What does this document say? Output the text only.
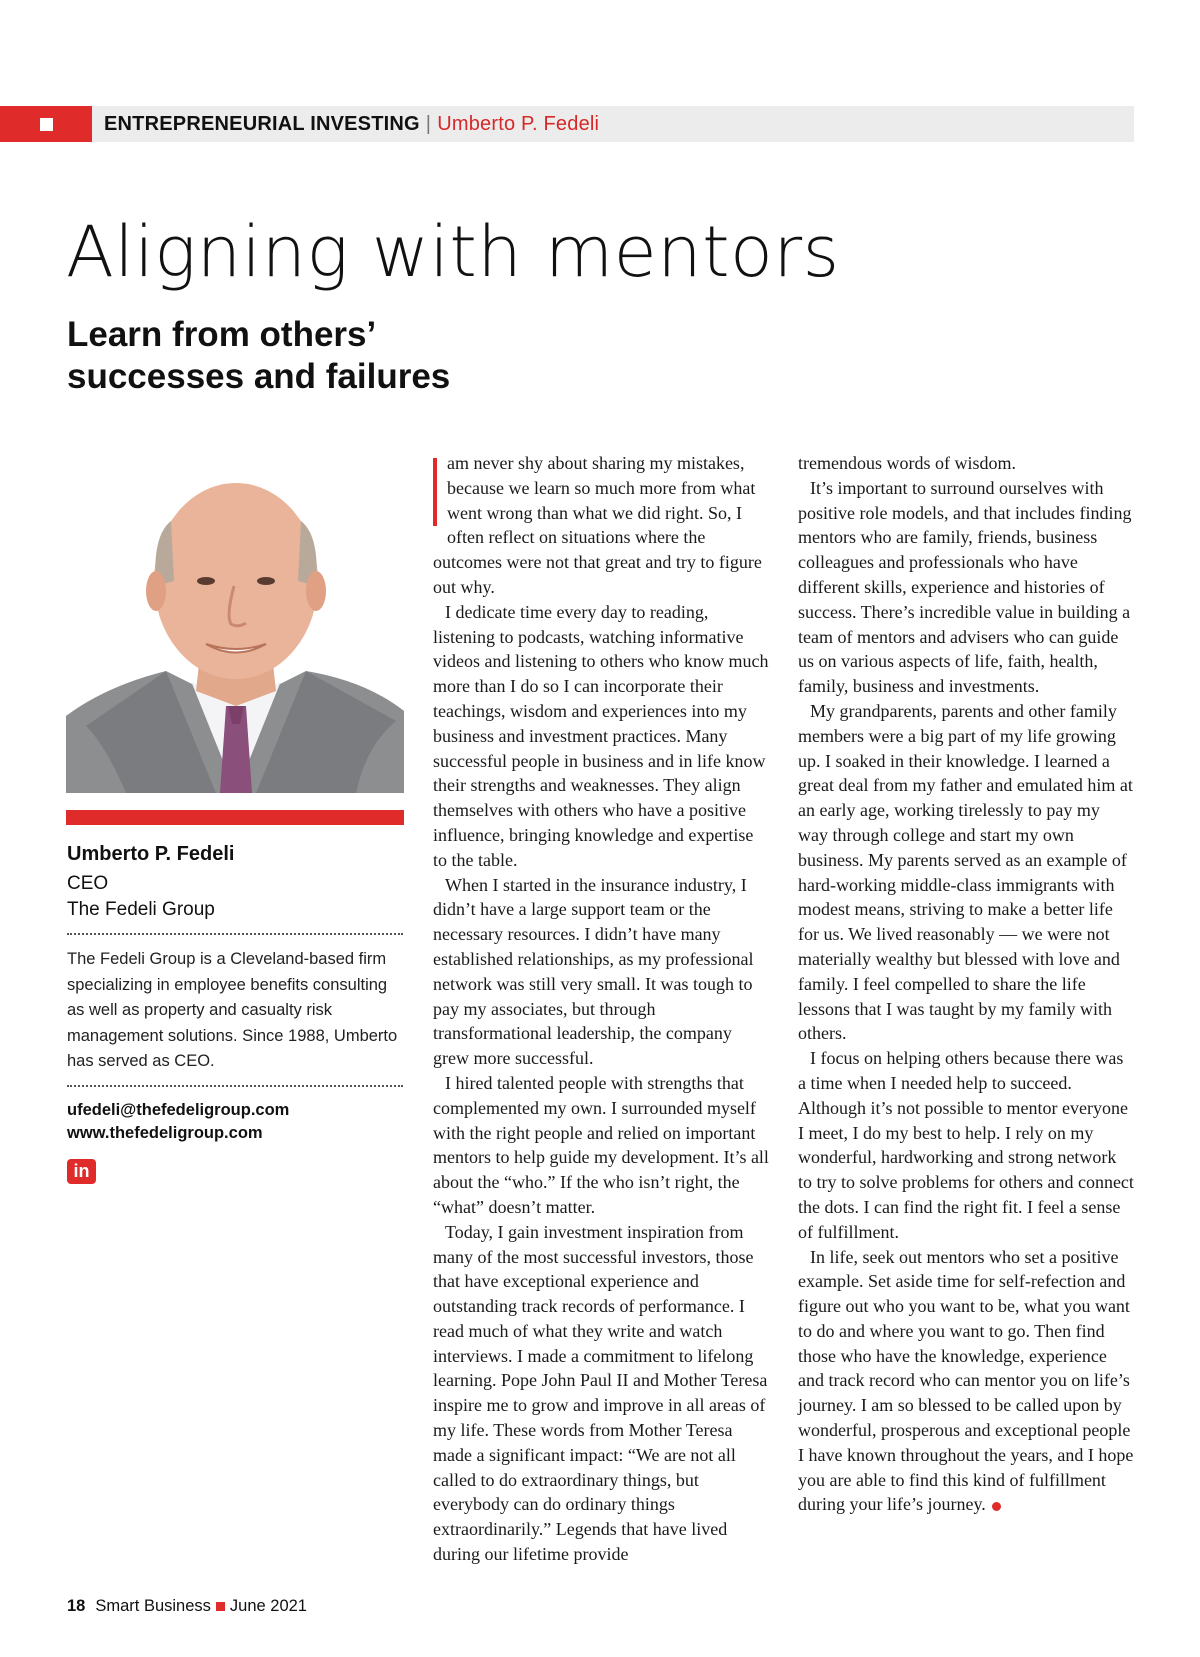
ENTREPRENEURIAL INVESTING | Umberto P. Fedeli
Aligning with mentors
Learn from others’ successes and failures
Umberto P. Fedeli
CEO
The Fedeli Group
The Fedeli Group is a Cleveland-based firm specializing in employee benefits consulting as well as property and casualty risk management solutions. Since 1988, Umberto has served as CEO.
ufedeli@thefedeligroup.com
www.thefedeligroup.com
in

am never shy about sharing my mistakes, because we learn so much more from what went wrong than what we did right. So, I often reflect on situations where the outcomes were not that great and try to figure out why.

I dedicate time every day to reading, listening to podcasts, watching informative videos and listening to others who know much more than I do so I can incorporate their teachings, wisdom and experiences into my business and investment practices. Many successful people in business and in life know their strengths and weaknesses. They align themselves with others who have a positive influence, bringing knowledge and expertise to the table.

When I started in the insurance industry, I didn’t have a large support team or the necessary resources. I didn’t have many established relationships, as my professional network was still very small. It was tough to pay my associates, but through transformational leadership, the company grew more successful.

I hired talented people with strengths that complemented my own. I surrounded myself with the right people and relied on important mentors to help guide my development. It’s all about the “who.” If the who isn’t right, the “what” doesn’t matter.

Today, I gain investment inspiration from many of the most successful investors, those that have exceptional experience and outstanding track records of performance. I read much of what they write and watch interviews. I made a commitment to lifelong learning. Pope John Paul II and Mother Teresa inspire me to grow and improve in all areas of my life. These words from Mother Teresa made a significant impact: “We are not all called to do extraordinary things, but everybody can do ordinary things extraordinarily.” Legends that have lived during our lifetime provide

tremendous words of wisdom.

It’s important to surround ourselves with positive role models, and that includes finding mentors who are family, friends, business colleagues and professionals who have different skills, experience and histories of success. There’s incredible value in building a team of mentors and advisers who can guide us on various aspects of life, faith, health, family, business and investments.

My grandparents, parents and other family members were a big part of my life growing up. I soaked in their knowledge. I learned a great deal from my father and emulated him at an early age, working tirelessly to pay my way through college and start my own business. My parents served as an example of hard-working middle-class immigrants with modest means, striving to make a better life for us. We lived reasonably — we were not materially wealthy but blessed with love and family. I feel compelled to share the life lessons that I was taught by my family with others.

I focus on helping others because there was a time when I needed help to succeed. Although it’s not possible to mentor everyone I meet, I do my best to help. I rely on my wonderful, hardworking and strong network to try to solve problems for others and connect the dots. I can find the right fit. I feel a sense of fulfillment.

In life, seek out mentors who set a positive example. Set aside time for self-refection and figure out who you want to be, what you want to do and where you want to go. Then find those who have the knowledge, experience and track record who can mentor you on life’s journey. I am so blessed to be called upon by wonderful, prosperous and exceptional people I have known throughout the years, and I hope you are able to find this kind of fulfillment during your life’s journey.

18 Smart Business June 2021
